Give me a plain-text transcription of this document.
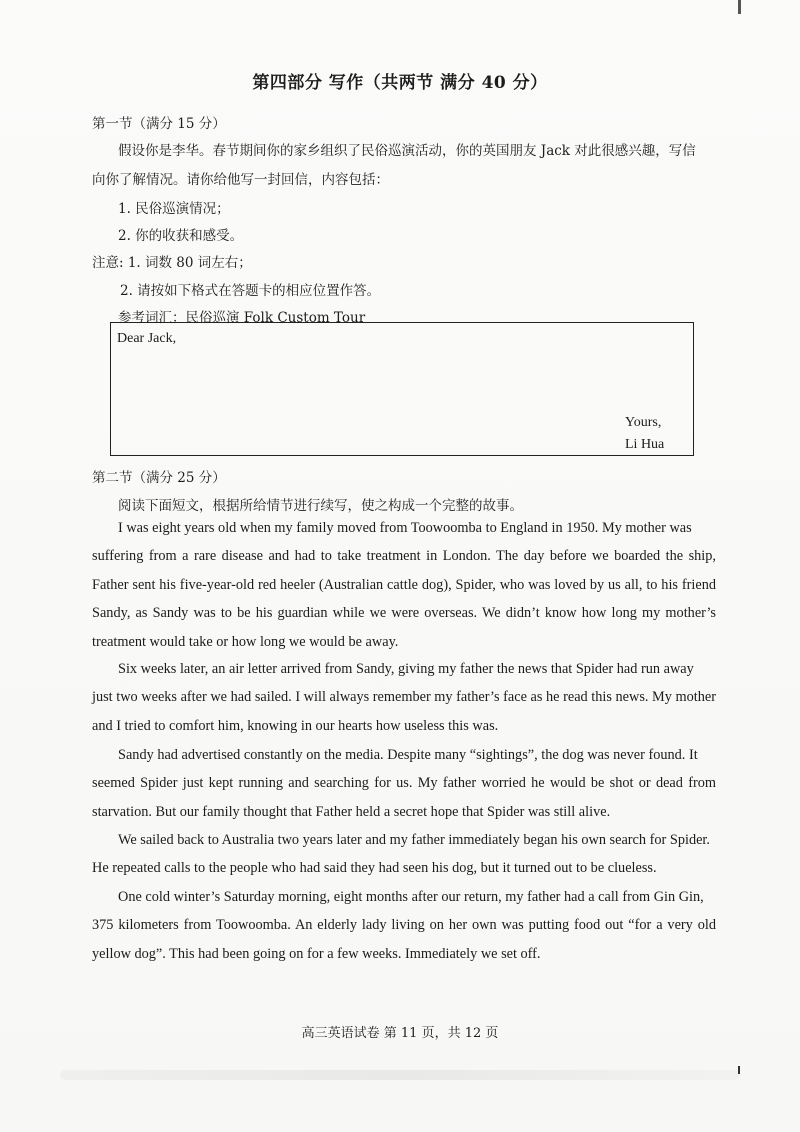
第四部分 写作（共两节 满分 40 分）
第一节（满分 15 分）
假设你是李华。春节期间你的家乡组织了民俗巡演活动，你的英国朋友 Jack 对此很感兴趣，写信
向你了解情况。请你给他写一封回信，内容包括：
1. 民俗巡演情况；
2. 你的收获和感受。
注意: 1. 词数 80 词左右；
2. 请按如下格式在答题卡的相应位置作答。
参考词汇：民俗巡演 Folk Custom Tour
Dear Jack,
Yours,
Li Hua
第二节（满分 25 分）
阅读下面短文，根据所给情节进行续写，使之构成一个完整的故事。
I was eight years old when my family moved from Toowoomba to England in 1950. My mother was
suffering from a rare disease and had to take treatment in London. The day before we boarded the ship, Father sent his five-year-old red heeler (Australian cattle dog), Spider, who was loved by us all, to his friend Sandy, as Sandy was to be his guardian while we were overseas. We didn’t know how long my mother’s treatment would take or how long we would be away.
Six weeks later, an air letter arrived from Sandy, giving my father the news that Spider had run away
just two weeks after we had sailed. I will always remember my father’s face as he read this news. My mother and I tried to comfort him, knowing in our hearts how useless this was.
Sandy had advertised constantly on the media. Despite many “sightings”, the dog was never found. It
seemed Spider just kept running and searching for us. My father worried he would be shot or dead from starvation. But our family thought that Father held a secret hope that Spider was still alive.
We sailed back to Australia two years later and my father immediately began his own search for Spider.
He repeated calls to the people who had said they had seen his dog, but it turned out to be clueless.
One cold winter’s Saturday morning, eight months after our return, my father had a call from Gin Gin,
375 kilometers from Toowoomba. An elderly lady living on her own was putting food out “for a very old yellow dog”. This had been going on for a few weeks. Immediately we set off.
高三英语试卷 第 11 页，共 12 页
